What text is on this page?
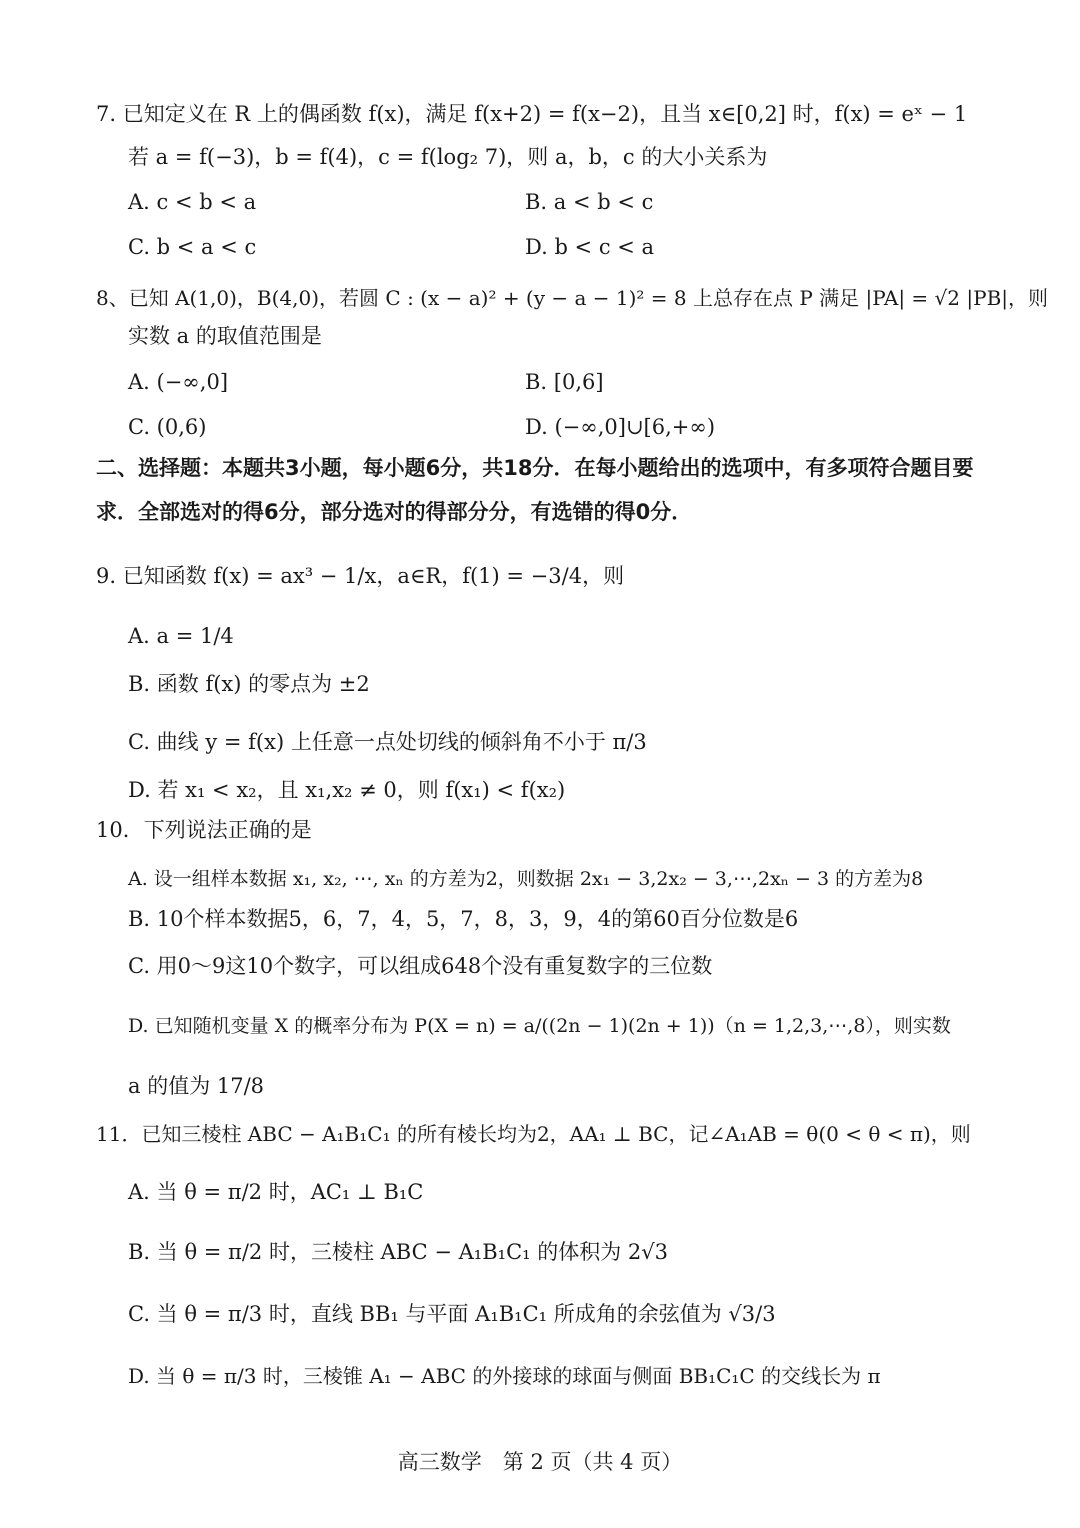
7. 已知定义在 R 上的偶函数 f(x)，满足 f(x+2) = f(x−2)，且当 x∈[0,2] 时，f(x) = eˣ − 1
若 a = f(−3)，b = f(4)，c = f(log₂ 7)，则 a，b，c 的大小关系为
A. c < b < a	B. a < b < c
C. b < a < c	D. b < c < a
8、已知 A(1,0)，B(4,0)，若圆 C : (x − a)² + (y − a − 1)² = 8 上总存在点 P 满足 |PA| = √2 |PB|，则
实数 a 的取值范围是
A. (−∞,0]	B. [0,6]
C. (0,6)	D. (−∞,0]∪[6,+∞)
二、选择题：本题共3小题，每小题6分，共18分．在每小题给出的选项中，有多项符合题目要
求．全部选对的得6分，部分选对的得部分分，有选错的得0分．
9. 已知函数 f(x) = ax³ − 1/x，a∈R，f(1) = −3/4，则
A. a = 1/4
B. 函数 f(x) 的零点为 ±2
C. 曲线 y = f(x) 上任意一点处切线的倾斜角不小于 π/3
D. 若 x₁ < x₂，且 x₁,x₂ ≠ 0，则 f(x₁) < f(x₂)
10．下列说法正确的是
A. 设一组样本数据 x₁, x₂, ⋯, xₙ 的方差为2，则数据 2x₁ − 3,2x₂ − 3,⋯,2xₙ − 3 的方差为8
B. 10个样本数据5，6，7，4，5，7，8，3，9，4的第60百分位数是6
C. 用0～9这10个数字，可以组成648个没有重复数字的三位数
D. 已知随机变量 X 的概率分布为 P(X = n) = a/((2n − 1)(2n + 1))（n = 1,2,3,⋯,8），则实数
a 的值为 17/8
11．已知三棱柱 ABC − A₁B₁C₁ 的所有棱长均为2，AA₁ ⊥ BC，记∠A₁AB = θ(0 < θ < π)，则
A. 当 θ = π/2 时，AC₁ ⊥ B₁C
B. 当 θ = π/2 时，三棱柱 ABC − A₁B₁C₁ 的体积为 2√3
C. 当 θ = π/3 时，直线 BB₁ 与平面 A₁B₁C₁ 所成角的余弦值为 √3/3
D. 当 θ = π/3 时，三棱锥 A₁ − ABC 的外接球的球面与侧面 BB₁C₁C 的交线长为 π
高三数学　第 2 页（共 4 页）
